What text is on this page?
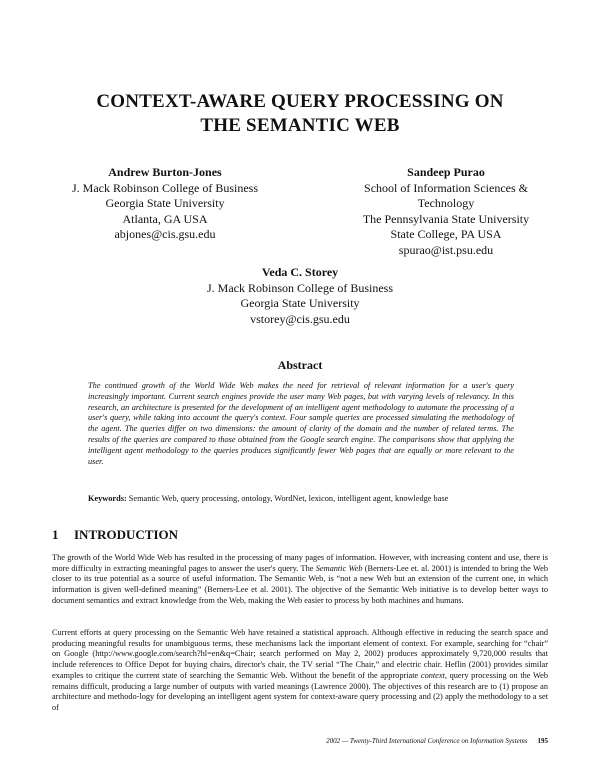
CONTEXT-AWARE QUERY PROCESSING ON
THE SEMANTIC WEB
Andrew Burton-Jones
J. Mack Robinson College of Business
Georgia State University
Atlanta, GA USA
abjones@cis.gsu.edu
Sandeep Purao
School of Information Sciences &
Technology
The Pennsylvania State University
State College, PA USA
spurao@ist.psu.edu
Veda C. Storey
J. Mack Robinson College of Business
Georgia State University
vstorey@cis.gsu.edu
Abstract
The continued growth of the World Wide Web makes the need for retrieval of relevant information for a user's query increasingly important. Current search engines provide the user many Web pages, but with varying levels of relevancy. In this research, an architecture is presented for the development of an intelligent agent methodology to automate the processing of a user's query, while taking into account the query's context. Four sample queries are processed simulating the methodology of the agent. The queries differ on two dimensions: the amount of clarity of the domain and the number of related terms. The results of the queries are compared to those obtained from the Google search engine. The comparisons show that applying the intelligent agent methodology to the queries produces significantly fewer Web pages that are equally or more relevant to the user.
Keywords: Semantic Web, query processing, ontology, WordNet, lexicon, intelligent agent, knowledge base
1 INTRODUCTION
The growth of the World Wide Web has resulted in the processing of many pages of information. However, with increasing content and use, there is more difficulty in extracting meaningful pages to answer the user's query. The Semantic Web (Berners-Lee et. al. 2001) is intended to bring the Web closer to its true potential as a source of useful information. The Semantic Web, is “not a new Web but an extension of the current one, in which information is given well-defined meaning” (Berners-Lee et al. 2001). The objective of the Semantic Web initiative is to develop better ways to document semantics and extract knowledge from the Web, making the Web easier to process by both machines and humans.
Current efforts at query processing on the Semantic Web have retained a statistical approach. Although effective in reducing the search space and producing meaningful results for unambiguous terms, these mechanisms lack the important element of context. For example, searching for “chair” on Google (http://www.google.com/search?hl=en&q=Chair; search performed on May 2, 2002) produces approximately 9,720,000 results that include references to Office Depot for buying chairs, director's chair, the TV serial “The Chair,” and electric chair. Heflin (2001) provides similar examples to critique the current state of searching the Semantic Web. Without the benefit of the appropriate context, query processing on the Web remains difficult, producing a large number of outputs with varied meanings (Lawrence 2000). The objectives of this research are to (1) propose an architecture and methodo-logy for developing an intelligent agent system for context-aware query processing and (2) apply the methodology to a set of
2002 — Twenty-Third International Conference on Information Systems 195
